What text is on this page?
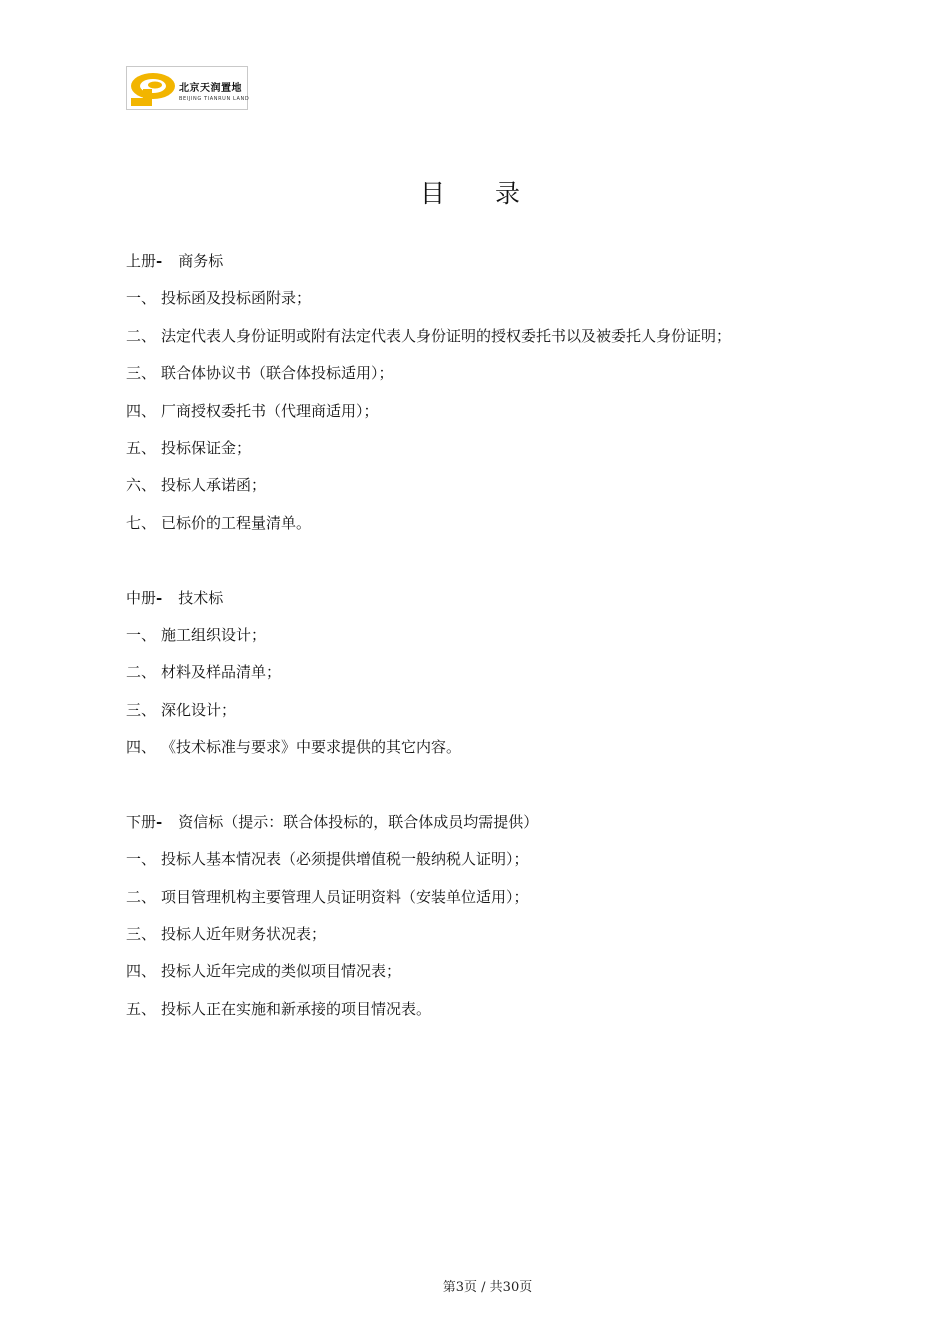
北京天润置地
BEIJING TIANRUN LAND
目录
上册- 商务标
一、 投标函及投标函附录；
二、 法定代表人身份证明或附有法定代表人身份证明的授权委托书以及被委托人身份证明；
三、 联合体协议书（联合体投标适用）；
四、 厂商授权委托书（代理商适用）；
五、 投标保证金；
六、 投标人承诺函；
七、 已标价的工程量清单。
中册- 技术标
一、 施工组织设计；
二、 材料及样品清单；
三、 深化设计；
四、 《技术标准与要求》中要求提供的其它内容。
下册- 资信标（提示：联合体投标的，联合体成员均需提供）
一、 投标人基本情况表（必须提供增值税一般纳税人证明）；
二、 项目管理机构主要管理人员证明资料（安装单位适用）；
三、 投标人近年财务状况表；
四、 投标人近年完成的类似项目情况表；
五、 投标人正在实施和新承接的项目情况表。
第3页 / 共30页
